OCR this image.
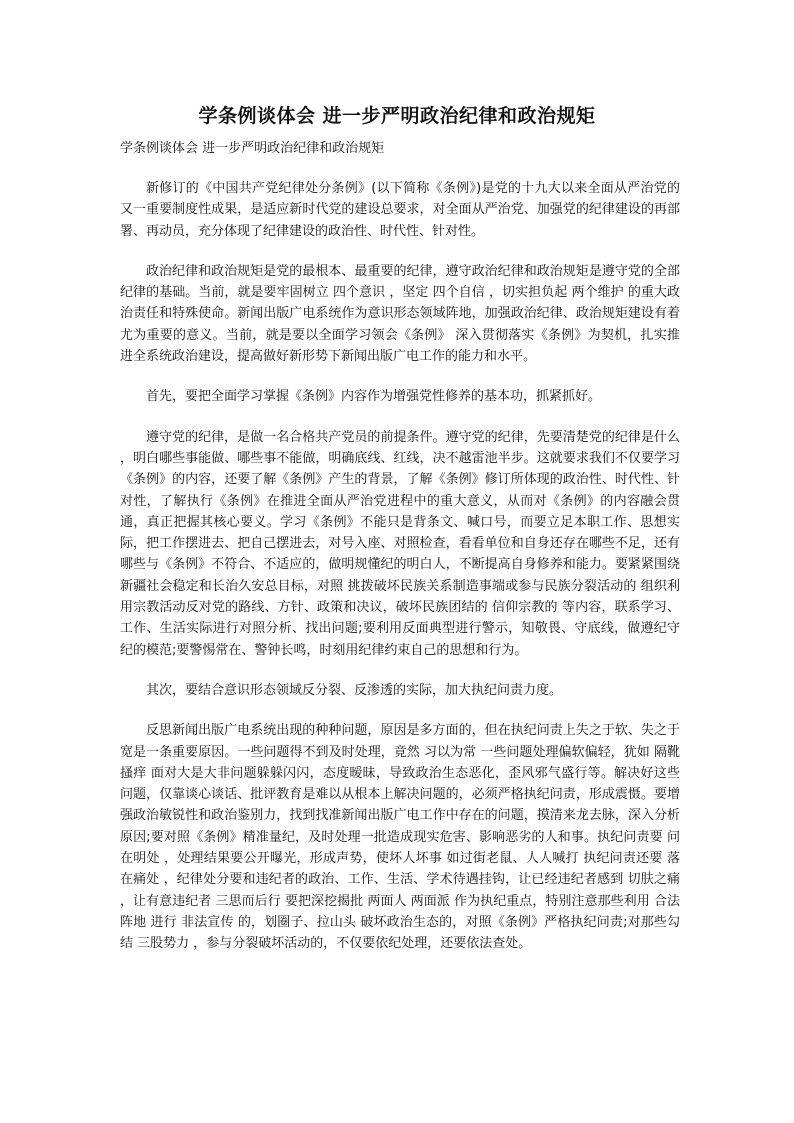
学条例谈体会 进一步严明政治纪律和政治规矩

学条例谈体会 进一步严明政治纪律和政治规矩

新修订的《中国共产党纪律处分条例》(以下简称《条例》)是党的十九大以来全面从严治党的又一重要制度性成果，是适应新时代党的建设总要求，对全面从严治党、加强党的纪律建设的再部署、再动员，充分体现了纪律建设的政治性、时代性、针对性。

政治纪律和政治规矩是党的最根本、最重要的纪律，遵守政治纪律和政治规矩是遵守党的全部纪律的基础。当前，就是要牢固树立 四个意识 ，坚定 四个自信 ，切实担负起 两个维护 的重大政治责任和特殊使命。新闻出版广电系统作为意识形态领域阵地，加强政治纪律、政治规矩建设有着尤为重要的意义。当前，就是要以全面学习领会《条例》 深入贯彻落实《条例》为契机，扎实推进全系统政治建设，提高做好新形势下新闻出版广电工作的能力和水平。

首先，要把全面学习掌握《条例》内容作为增强党性修养的基本功，抓紧抓好。

遵守党的纪律，是做一名合格共产党员的前提条件。遵守党的纪律，先要清楚党的纪律是什么 ，明白哪些事能做、哪些事不能做，明确底线、红线，决不越雷池半步。这就要求我们不仅要学习《条例》的内容，还要了解《条例》产生的背景，了解《条例》修订所体现的政治性、时代性、针对性，了解执行《条例》在推进全面从严治党进程中的重大意义，从而对《条例》的内容融会贯通，真正把握其核心要义。学习《条例》不能只是背条文、喊口号，而要立足本职工作、思想实际，把工作摆进去、把自己摆进去，对号入座、对照检查，看看单位和自身还存在哪些不足，还有哪些与《条例》不符合、不适应的，做明规懂纪的明白人，不断提高自身修养和能力。要紧紧围绕新疆社会稳定和长治久安总目标，对照 挑拨破坏民族关系制造事端或参与民族分裂活动的 组织利用宗教活动反对党的路线、方针、政策和决议，破坏民族团结的 信仰宗教的 等内容，联系学习、工作、生活实际进行对照分析、找出问题;要利用反面典型进行警示，知敬畏、守底线，做遵纪守纪的模范;要警惕常在、警钟长鸣，时刻用纪律约束自己的思想和行为。

其次，要结合意识形态领域反分裂、反渗透的实际，加大执纪问责力度。

反思新闻出版广电系统出现的种种问题，原因是多方面的，但在执纪问责上失之于软、失之于宽是一条重要原因。一些问题得不到及时处理，竟然 习以为常 一些问题处理偏软偏轻，犹如 隔靴搔痒 面对大是大非问题躲躲闪闪，态度暧昧，导致政治生态恶化，歪风邪气盛行等。解决好这些问题，仅靠谈心谈话、批评教育是难以从根本上解决问题的，必须严格执纪问责，形成震慑。要增强政治敏锐性和政治鉴别力，找到找准新闻出版广电工作中存在的问题，摸清来龙去脉，深入分析原因;要对照《条例》精准量纪，及时处理一批造成现实危害、影响恶劣的人和事。执纪问责要 问在明处 ，处理结果要公开曝光，形成声势，使坏人坏事 如过街老鼠、人人喊打 执纪问责还要 落在痛处 ，纪律处分要和违纪者的政治、工作、生活、学术待遇挂钩，让已经违纪者感到 切肤之痛 ，让有意违纪者 三思而后行 要把深挖揭批 两面人 两面派 作为执纪重点，特别注意那些利用 合法阵地 进行 非法宣传 的，划圈子、拉山头 破坏政治生态的，对照《条例》严格执纪问责;对那些勾结 三股势力 ，参与分裂破坏活动的，不仅要依纪处理，还要依法查处。
